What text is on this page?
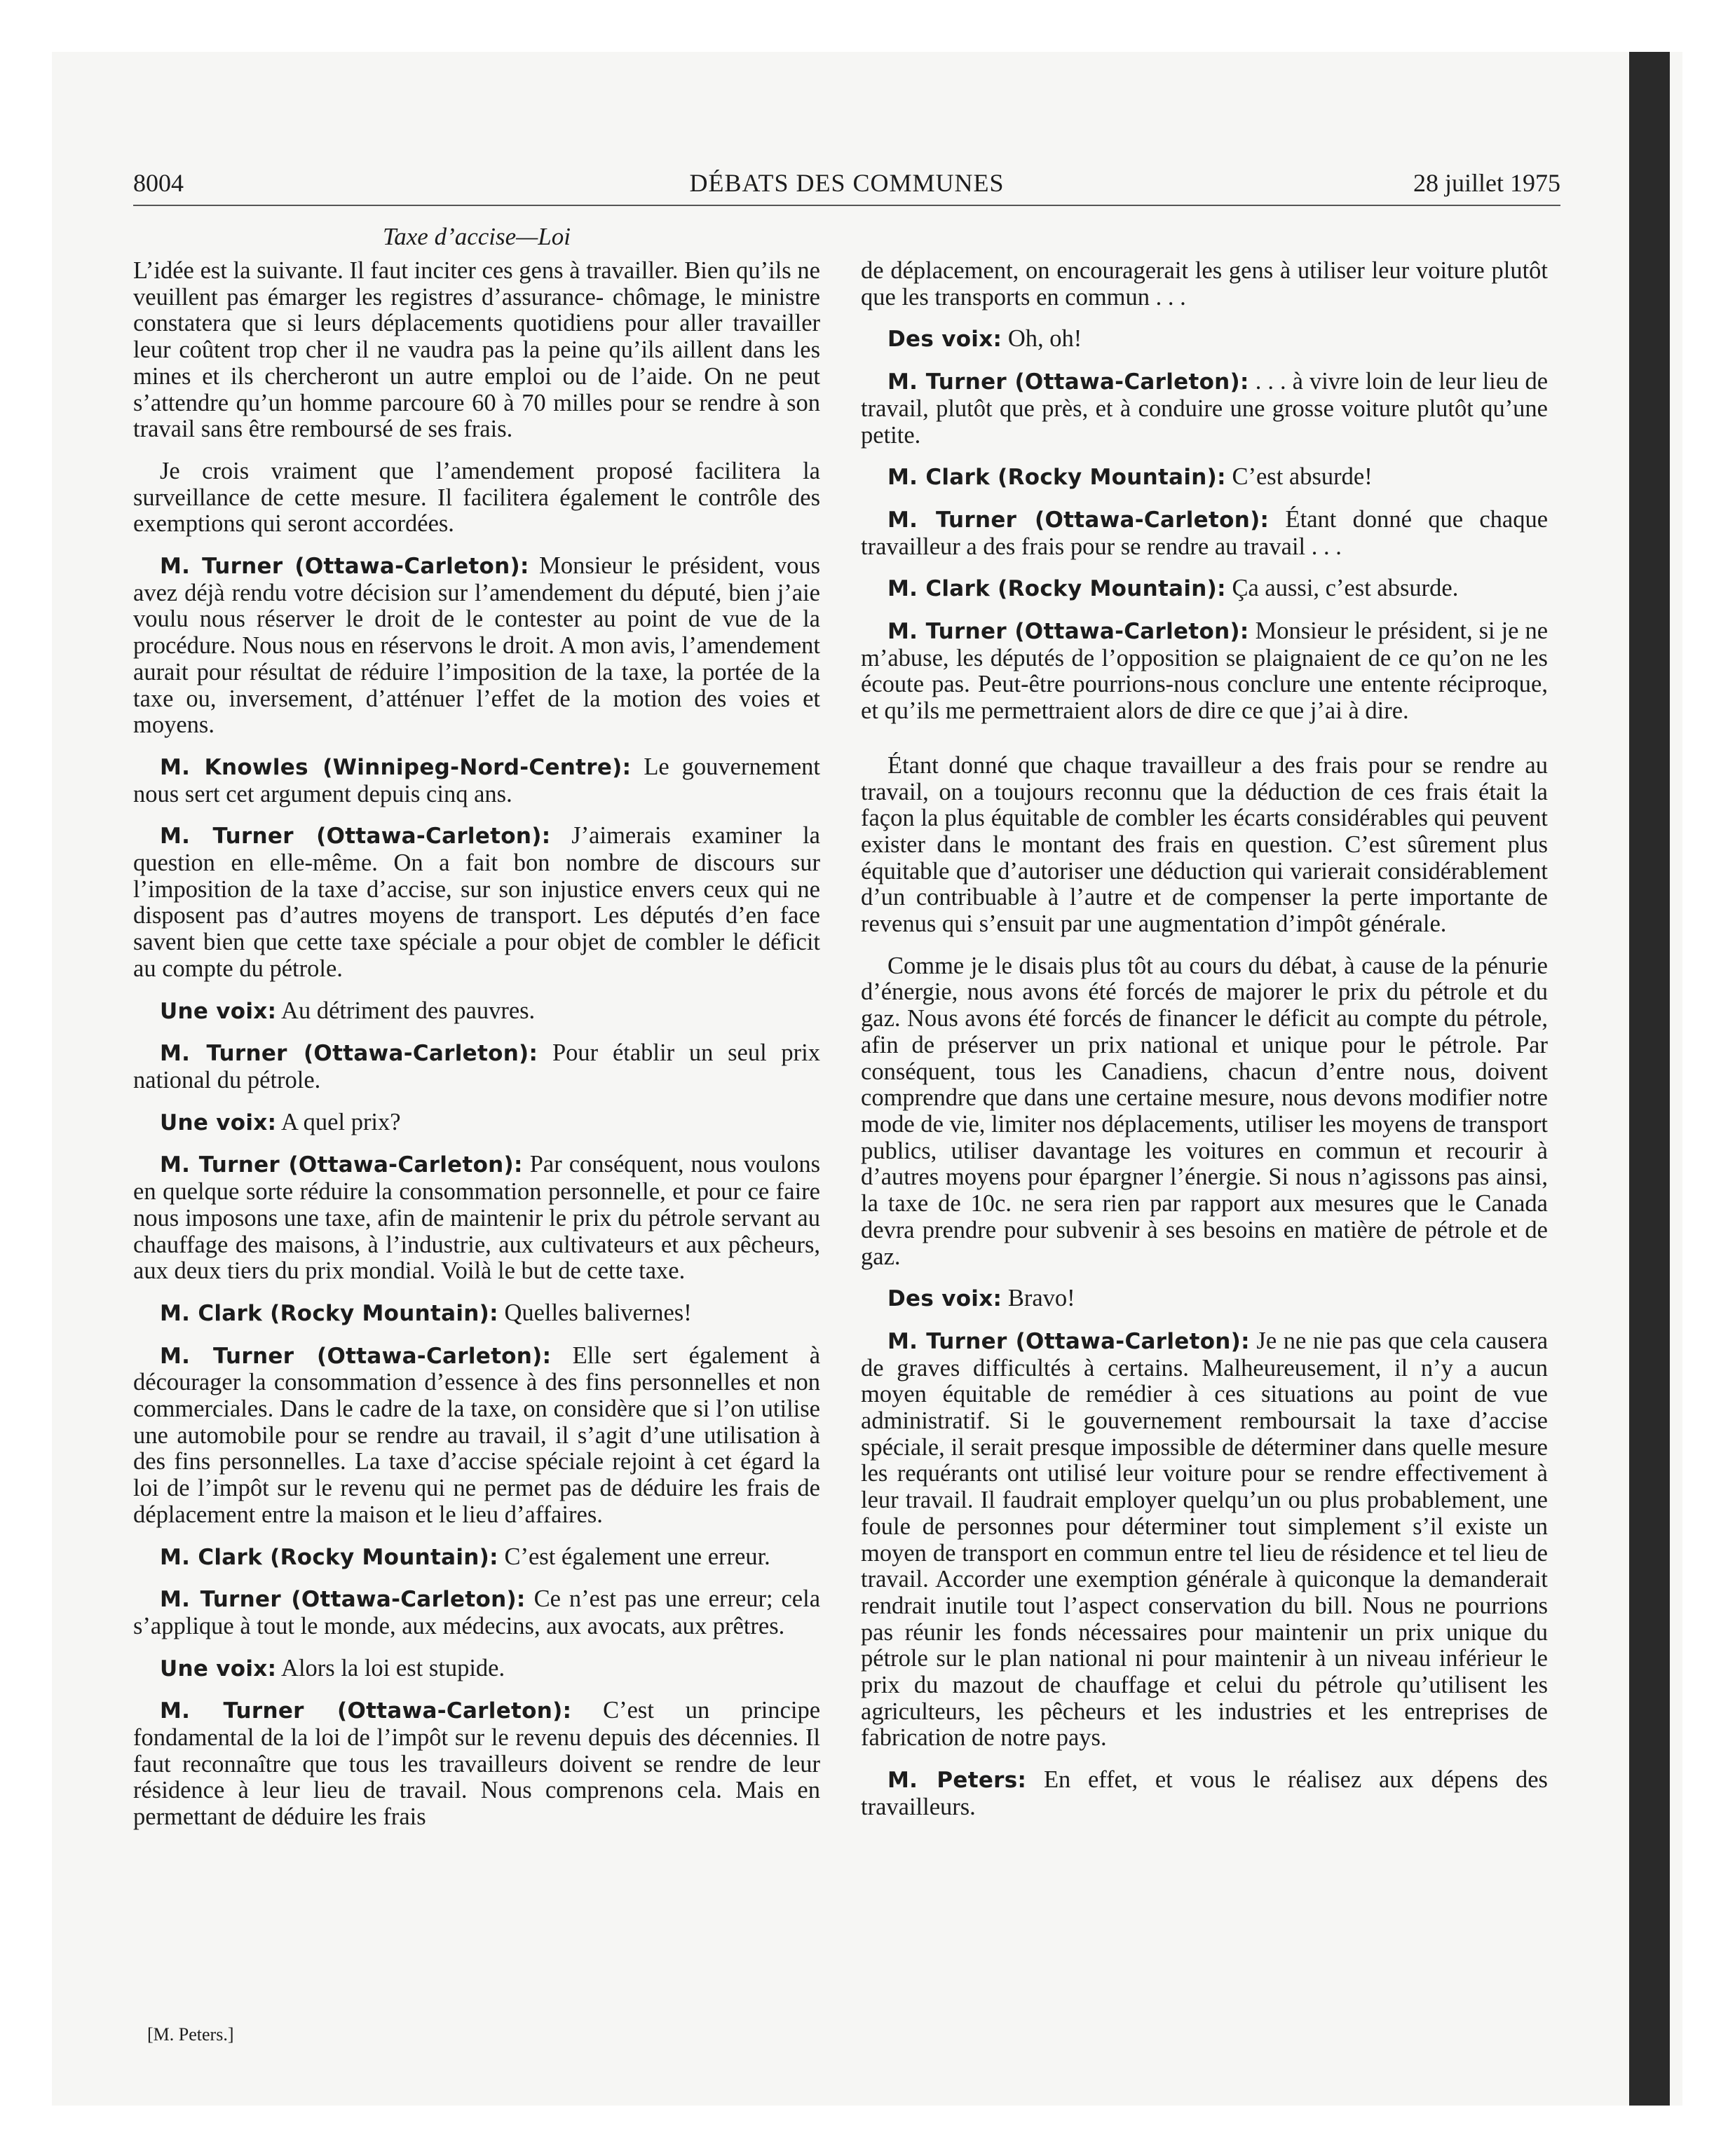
8004	DÉBATS DES COMMUNES	28 juillet 1975
Taxe d’accise—Loi

L’idée est la suivante. Il faut inciter ces gens à travailler. Bien qu’ils ne veuillent pas émarger les registres d’assurance- chômage, le ministre constatera que si leurs déplacements quotidiens pour aller travailler leur coûtent trop cher il ne vaudra pas la peine qu’ils aillent dans les mines et ils chercheront un autre emploi ou de l’aide. On ne peut s’attendre qu’un homme parcoure 60 à 70 milles pour se rendre à son travail sans être remboursé de ses frais.

Je crois vraiment que l’amendement proposé facilitera la surveillance de cette mesure. Il facilitera également le contrôle des exemptions qui seront accordées.

M. Turner (Ottawa-Carleton): Monsieur le président, vous avez déjà rendu votre décision sur l’amendement du député, bien j’aie voulu nous réserver le droit de le contester au point de vue de la procédure. Nous nous en réservons le droit. A mon avis, l’amendement aurait pour résultat de réduire l’imposition de la taxe, la portée de la taxe ou, inversement, d’atténuer l’effet de la motion des voies et moyens.

M. Knowles (Winnipeg-Nord-Centre): Le gouvernement nous sert cet argument depuis cinq ans.

M. Turner (Ottawa-Carleton): J’aimerais examiner la question en elle-même. On a fait bon nombre de discours sur l’imposition de la taxe d’accise, sur son injustice envers ceux qui ne disposent pas d’autres moyens de transport. Les députés d’en face savent bien que cette taxe spéciale a pour objet de combler le déficit au compte du pétrole.

Une voix: Au détriment des pauvres.

M. Turner (Ottawa-Carleton): Pour établir un seul prix national du pétrole.

Une voix: A quel prix?

M. Turner (Ottawa-Carleton): Par conséquent, nous voulons en quelque sorte réduire la consommation personnelle, et pour ce faire nous imposons une taxe, afin de maintenir le prix du pétrole servant au chauffage des maisons, à l’industrie, aux cultivateurs et aux pêcheurs, aux deux tiers du prix mondial. Voilà le but de cette taxe.

M. Clark (Rocky Mountain): Quelles balivernes!

M. Turner (Ottawa-Carleton): Elle sert également à décourager la consommation d’essence à des fins personnelles et non commerciales. Dans le cadre de la taxe, on considère que si l’on utilise une automobile pour se rendre au travail, il s’agit d’une utilisation à des fins personnelles. La taxe d’accise spéciale rejoint à cet égard la loi de l’impôt sur le revenu qui ne permet pas de déduire les frais de déplacement entre la maison et le lieu d’affaires.

M. Clark (Rocky Mountain): C’est également une erreur.

M. Turner (Ottawa-Carleton): Ce n’est pas une erreur; cela s’applique à tout le monde, aux médecins, aux avocats, aux prêtres.

Une voix: Alors la loi est stupide.

M. Turner (Ottawa-Carleton): C’est un principe fondamental de la loi de l’impôt sur le revenu depuis des décennies. Il faut reconnaître que tous les travailleurs doivent se rendre de leur résidence à leur lieu de travail. Nous comprenons cela. Mais en permettant de déduire les frais

de déplacement, on encouragerait les gens à utiliser leur voiture plutôt que les transports en commun . . .

Des voix: Oh, oh!

M. Turner (Ottawa-Carleton): . . . à vivre loin de leur lieu de travail, plutôt que près, et à conduire une grosse voiture plutôt qu’une petite.

M. Clark (Rocky Mountain): C’est absurde!

M. Turner (Ottawa-Carleton): Étant donné que chaque travailleur a des frais pour se rendre au travail . . .

M. Clark (Rocky Mountain): Ça aussi, c’est absurde.

M. Turner (Ottawa-Carleton): Monsieur le président, si je ne m’abuse, les députés de l’opposition se plaignaient de ce qu’on ne les écoute pas. Peut-être pourrions-nous conclure une entente réciproque, et qu’ils me permettraient alors de dire ce que j’ai à dire.

Étant donné que chaque travailleur a des frais pour se rendre au travail, on a toujours reconnu que la déduction de ces frais était la façon la plus équitable de combler les écarts considérables qui peuvent exister dans le montant des frais en question. C’est sûrement plus équitable que d’autoriser une déduction qui varierait considérablement d’un contribuable à l’autre et de compenser la perte importante de revenus qui s’ensuit par une augmentation d’impôt générale.

Comme je le disais plus tôt au cours du débat, à cause de la pénurie d’énergie, nous avons été forcés de majorer le prix du pétrole et du gaz. Nous avons été forcés de financer le déficit au compte du pétrole, afin de préserver un prix national et unique pour le pétrole. Par conséquent, tous les Canadiens, chacun d’entre nous, doivent comprendre que dans une certaine mesure, nous devons modifier notre mode de vie, limiter nos déplacements, utiliser les moyens de transport publics, utiliser davantage les voitures en commun et recourir à d’autres moyens pour épargner l’énergie. Si nous n’agissons pas ainsi, la taxe de 10c. ne sera rien par rapport aux mesures que le Canada devra prendre pour subvenir à ses besoins en matière de pétrole et de gaz.

Des voix: Bravo!

M. Turner (Ottawa-Carleton): Je ne nie pas que cela causera de graves difficultés à certains. Malheureusement, il n’y a aucun moyen équitable de remédier à ces situations au point de vue administratif. Si le gouvernement remboursait la taxe d’accise spéciale, il serait presque impossible de déterminer dans quelle mesure les requérants ont utilisé leur voiture pour se rendre effectivement à leur travail. Il faudrait employer quelqu’un ou plus probablement, une foule de personnes pour déterminer tout simplement s’il existe un moyen de transport en commun entre tel lieu de résidence et tel lieu de travail. Accorder une exemption générale à quiconque la demanderait rendrait inutile tout l’aspect conservation du bill. Nous ne pourrions pas réunir les fonds nécessaires pour maintenir un prix unique du pétrole sur le plan national ni pour maintenir à un niveau inférieur le prix du mazout de chauffage et celui du pétrole qu’utilisent les agriculteurs, les pêcheurs et les industries et les entreprises de fabrication de notre pays.

M. Peters: En effet, et vous le réalisez aux dépens des travailleurs.

[M. Peters.]
